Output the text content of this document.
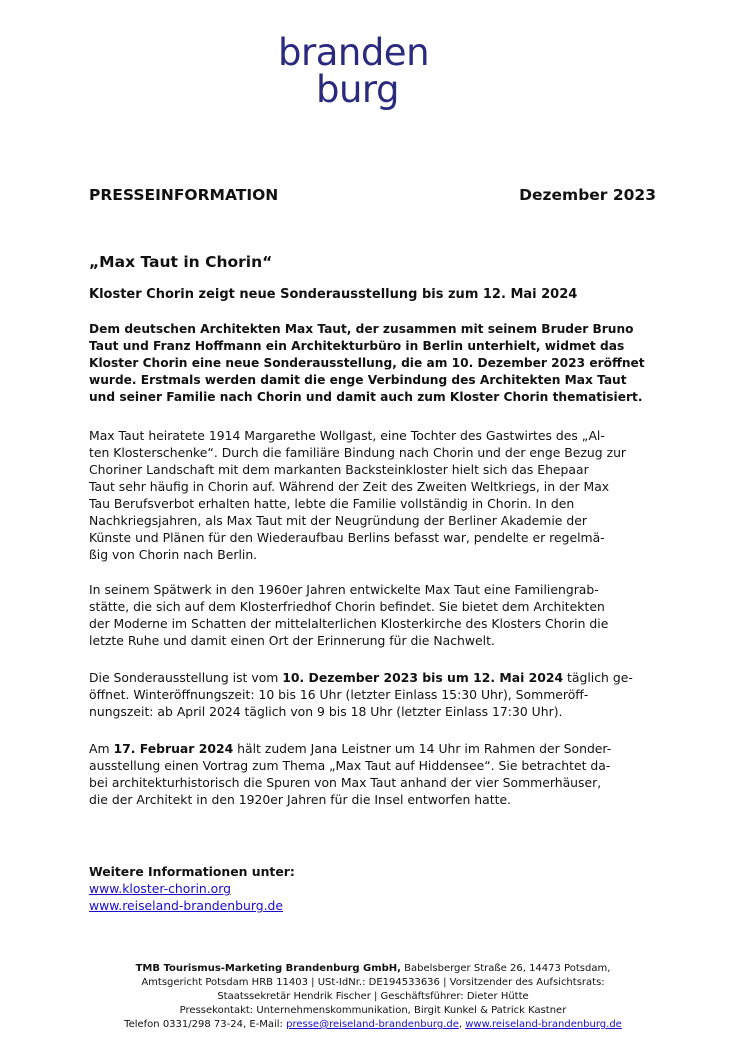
branden
burg
PRESSEINFORMATION	Dezember 2023
„Max Taut in Chorin“
Kloster Chorin zeigt neue Sonderausstellung bis zum 12. Mai 2024
Dem deutschen Architekten Max Taut, der zusammen mit seinem Bruder Bruno
Taut und Franz Hoffmann ein Architekturbüro in Berlin unterhielt, widmet das
Kloster Chorin eine neue Sonderausstellung, die am 10. Dezember 2023 eröffnet
wurde. Erstmals werden damit die enge Verbindung des Architekten Max Taut
und seiner Familie nach Chorin und damit auch zum Kloster Chorin thematisiert.
Max Taut heiratete 1914 Margarethe Wollgast, eine Tochter des Gastwirtes des „Al-
ten Klosterschenke“. Durch die familiäre Bindung nach Chorin und der enge Bezug zur
Choriner Landschaft mit dem markanten Backsteinkloster hielt sich das Ehepaar
Taut sehr häufig in Chorin auf. Während der Zeit des Zweiten Weltkriegs, in der Max
Tau Berufsverbot erhalten hatte, lebte die Familie vollständig in Chorin. In den
Nachkriegsjahren, als Max Taut mit der Neugründung der Berliner Akademie der
Künste und Plänen für den Wiederaufbau Berlins befasst war, pendelte er regelmä-
ßig von Chorin nach Berlin.
In seinem Spätwerk in den 1960er Jahren entwickelte Max Taut eine Familiengrab-
stätte, die sich auf dem Klosterfriedhof Chorin befindet. Sie bietet dem Architekten
der Moderne im Schatten der mittelalterlichen Klosterkirche des Klosters Chorin die
letzte Ruhe und damit einen Ort der Erinnerung für die Nachwelt.
Die Sonderausstellung ist vom 10. Dezember 2023 bis um 12. Mai 2024 täglich ge-
öffnet. Winteröffnungszeit: 10 bis 16 Uhr (letzter Einlass 15:30 Uhr), Sommeröff-
nungszeit: ab April 2024 täglich von 9 bis 18 Uhr (letzter Einlass 17:30 Uhr).
Am 17. Februar 2024 hält zudem Jana Leistner um 14 Uhr im Rahmen der Sonder-
ausstellung einen Vortrag zum Thema „Max Taut auf Hiddensee“. Sie betrachtet da-
bei architekturhistorisch die Spuren von Max Taut anhand der vier Sommerhäuser,
die der Architekt in den 1920er Jahren für die Insel entworfen hatte.
Weitere Informationen unter:
www.kloster-chorin.org
www.reiseland-brandenburg.de
TMB Tourismus-Marketing Brandenburg GmbH, Babelsberger Straße 26, 14473 Potsdam,
Amtsgericht Potsdam HRB 11403 | USt-IdNr.: DE194533636 | Vorsitzender des Aufsichtsrats:
Staatssekretär Hendrik Fischer | Geschäftsführer: Dieter Hütte
Pressekontakt: Unternehmenskommunikation, Birgit Kunkel & Patrick Kastner
Telefon 0331/298 73-24, E-Mail: presse@reiseland-brandenburg.de, www.reiseland-brandenburg.de
